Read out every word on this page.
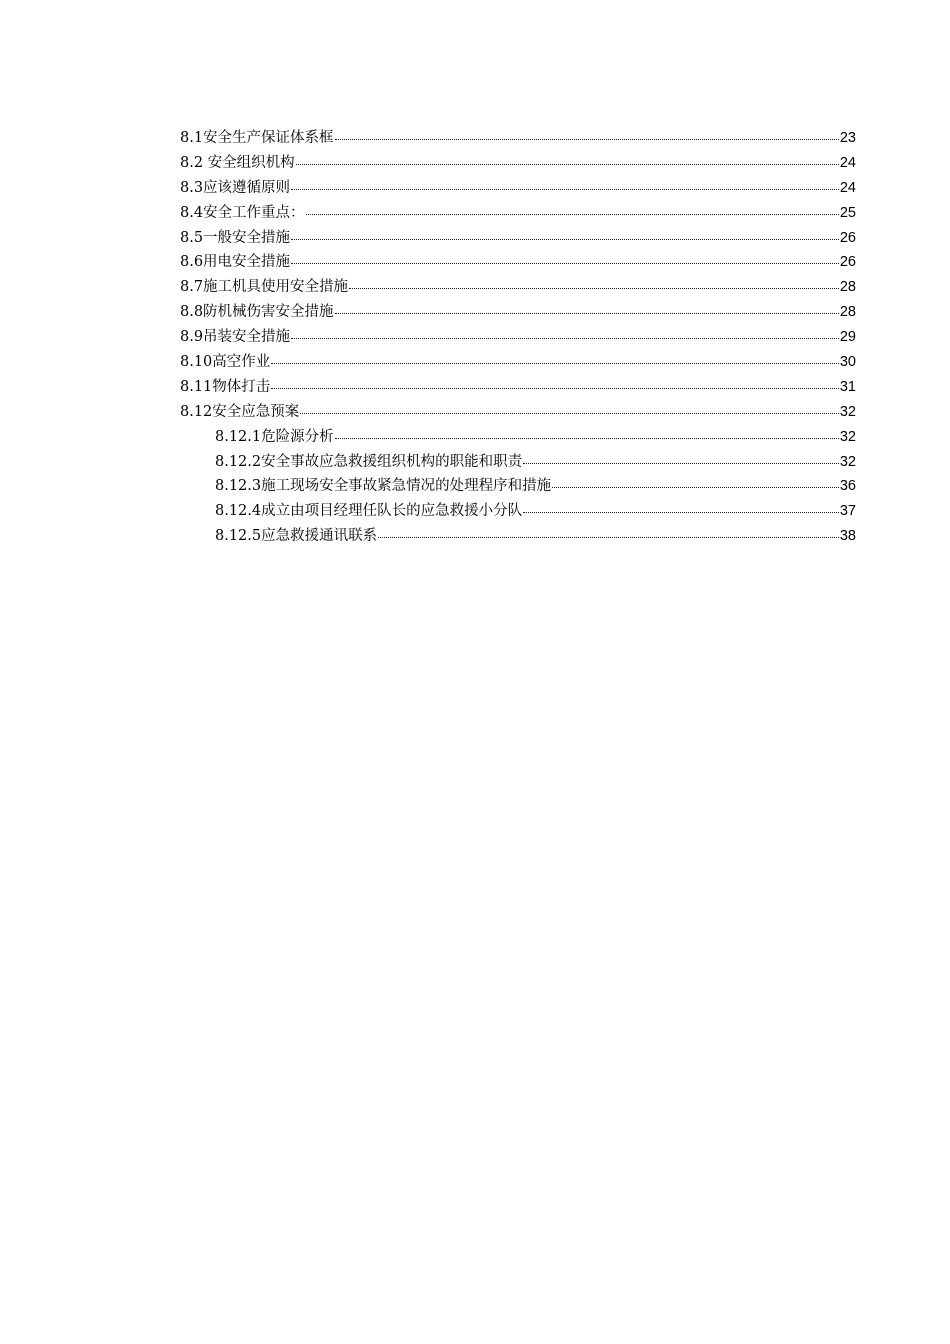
8.1安全生产保证体系框	23
8.2 安全组织机构	24
8.3应该遵循原则	24
8.4安全工作重点：	25
8.5一般安全措施	26
8.6用电安全措施	26
8.7施工机具使用安全措施	28
8.8防机械伤害安全措施	28
8.9吊装安全措施	29
8.10高空作业	30
8.11物体打击	31
8.12安全应急预案	32
8.12.1危险源分析	32
8.12.2安全事故应急救援组织机构的职能和职责	32
8.12.3施工现场安全事故紧急情况的处理程序和措施	36
8.12.4成立由项目经理任队长的应急救援小分队	37
8.12.5应急救援通讯联系	38
